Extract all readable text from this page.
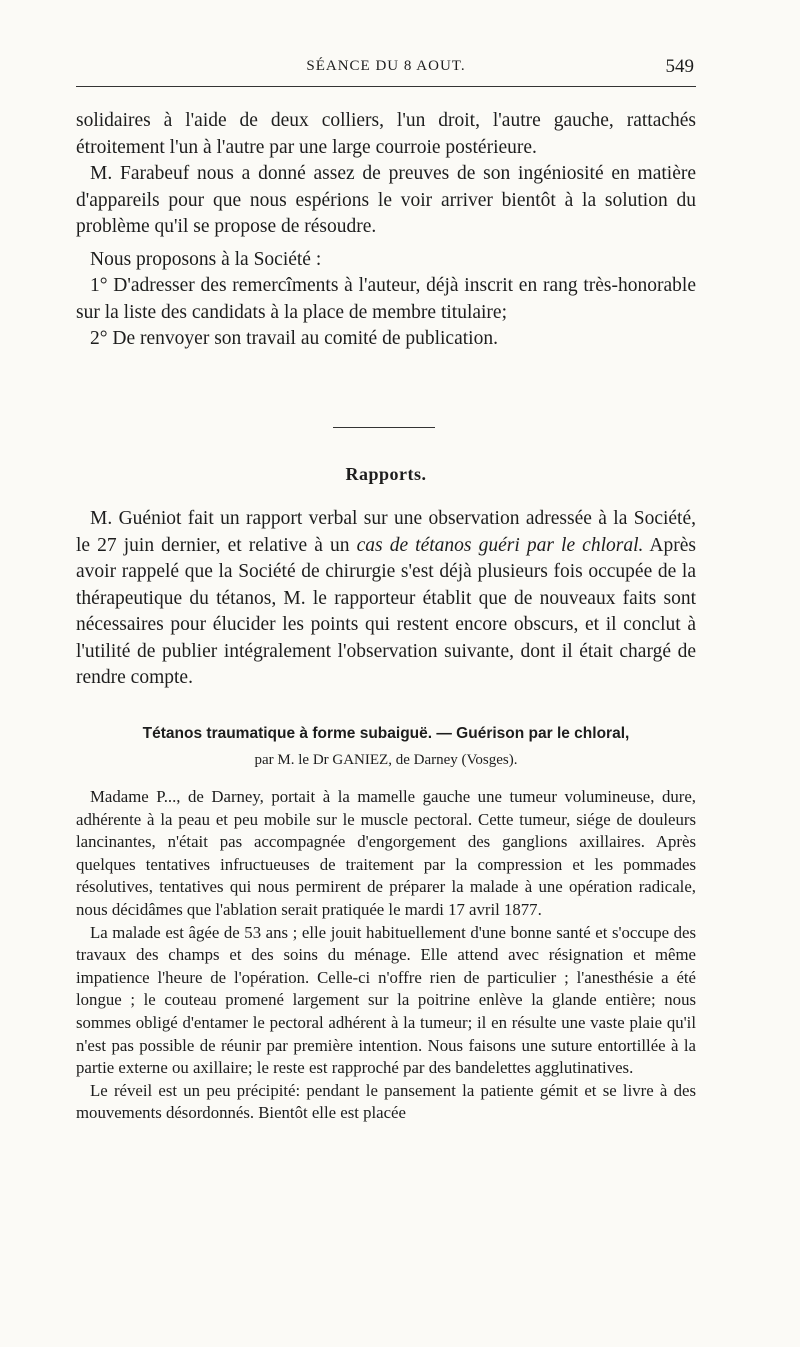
SÉANCE DU 8 AOUT.	549

solidaires à l'aide de deux colliers, l'un droit, l'autre gauche, rattachés étroitement l'un à l'autre par une large courroie postérieure.

M. Farabeuf nous a donné assez de preuves de son ingéniosité en matière d'appareils pour que nous espérions le voir arriver bientôt à la solution du problème qu'il se propose de résoudre.

Nous proposons à la Société :

1° D'adresser des remercîments à l'auteur, déjà inscrit en rang très-honorable sur la liste des candidats à la place de membre titulaire;

2° De renvoyer son travail au comité de publication.

Rapports.

M. Guéniot fait un rapport verbal sur une observation adressée à la Société, le 27 juin dernier, et relative à un cas de tétanos guéri par le chloral. Après avoir rappelé que la Société de chirurgie s'est déjà plusieurs fois occupée de la thérapeutique du tétanos, M. le rapporteur établit que de nouveaux faits sont nécessaires pour élucider les points qui restent encore obscurs, et il conclut à l'utilité de publier intégralement l'observation suivante, dont il était chargé de rendre compte.

Tétanos traumatique à forme subaiguë. — Guérison par le chloral,
par M. le Dr GANIEZ, de Darney (Vosges).

Madame P..., de Darney, portait à la mamelle gauche une tumeur volumineuse, dure, adhérente à la peau et peu mobile sur le muscle pectoral. Cette tumeur, siége de douleurs lancinantes, n'était pas accompagnée d'engorgement des ganglions axillaires. Après quelques tentatives infructueuses de traitement par la compression et les pommades résolutives, tentatives qui nous permirent de préparer la malade à une opération radicale, nous décidâmes que l'ablation serait pratiquée le mardi 17 avril 1877.

La malade est âgée de 53 ans ; elle jouit habituellement d'une bonne santé et s'occupe des travaux des champs et des soins du ménage. Elle attend avec résignation et même impatience l'heure de l'opération. Celle-ci n'offre rien de particulier ; l'anesthésie a été longue ; le couteau promené largement sur la poitrine enlève la glande entière; nous sommes obligé d'entamer le pectoral adhérent à la tumeur; il en résulte une vaste plaie qu'il n'est pas possible de réunir par première intention. Nous faisons une suture entortillée à la partie externe ou axillaire; le reste est rapproché par des bandelettes agglutinatives.

Le réveil est un peu précipité: pendant le pansement la patiente gémit et se livre à des mouvements désordonnés. Bientôt elle est placée
